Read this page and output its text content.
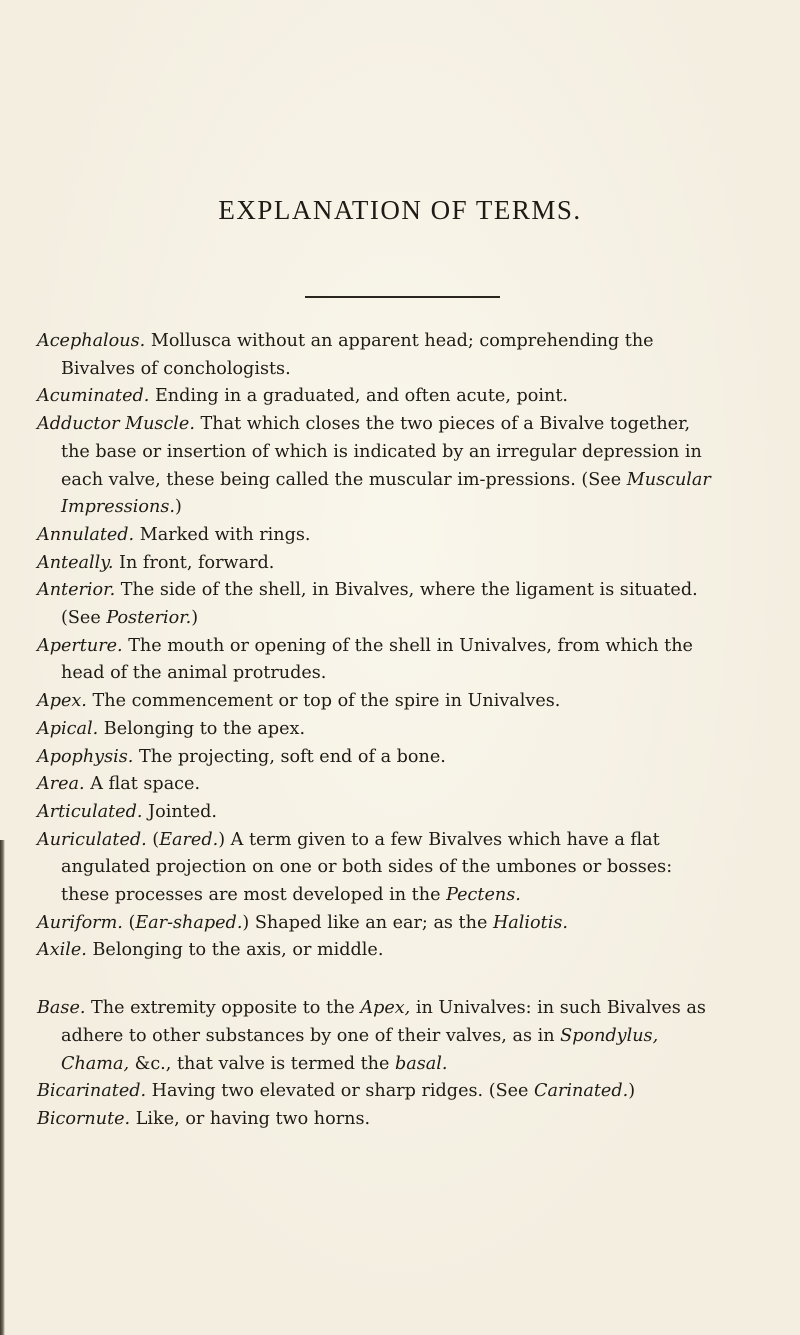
EXPLANATION OF TERMS.
Acephalous. Mollusca without an apparent head; comprehending the Bivalves of conchologists.
Acuminated. Ending in a graduated, and often acute, point.
Adductor Muscle. That which closes the two pieces of a Bivalve together, the base or insertion of which is indicated by an irregular depression in each valve, these being called the muscular im-pressions. (See Muscular Impressions.)
Annulated. Marked with rings.
Anteally. In front, forward.
Anterior. The side of the shell, in Bivalves, where the ligament is situated. (See Posterior.)
Aperture. The mouth or opening of the shell in Univalves, from which the head of the animal protrudes.
Apex. The commencement or top of the spire in Univalves.
Apical. Belonging to the apex.
Apophysis. The projecting, soft end of a bone.
Area. A flat space.
Articulated. Jointed.
Auriculated. (Eared.) A term given to a few Bivalves which have a flat angulated projection on one or both sides of the umbones or bosses: these processes are most developed in the Pectens.
Auriform. (Ear-shaped.) Shaped like an ear; as the Haliotis.
Axile. Belonging to the axis, or middle.
Base. The extremity opposite to the Apex, in Univalves: in such Bivalves as adhere to other substances by one of their valves, as in Spondylus, Chama, &c., that valve is termed the basal.
Bicarinated. Having two elevated or sharp ridges. (See Carinated.)
Bicornute. Like, or having two horns.
